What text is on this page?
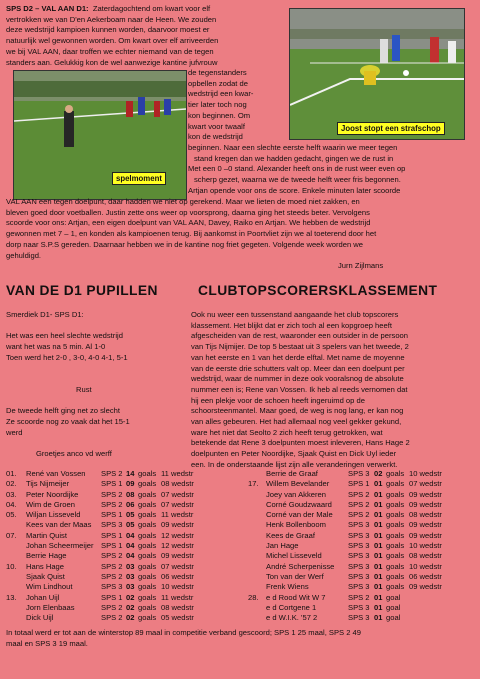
SPS D2 – VAL AAN D1: Zaterdagochtend om kwart voor elf
vertrokken we van D'en Aekerboam naar de Heen. We zouden
deze wedstrijd kampioen kunnen worden, daarvoor moest er
natuurlijk wel gewonnen worden. Om kwart over elf arriveerden
we bij VAL AAN, daar troffen we echter niemand van de tegen
standers aan. Gelukkig kon de wel aanwezige kantine jufvrouw
Joost stopt een strafschop
spelmoment
de tegenstanders
opbellen zodat de
wedstrijd een kwar-
tier later toch nog
kon beginnen. Om
kwart voor twaalf
kon de wedstrijd
beginnen. Naar een slechte eerste helft waarin we meer tegen
stand kregen dan we hadden gedacht, gingen we de rust in
Met een 0 –0 stand. Alexander heeft ons in de rust weer even op
scherp gezet, waarna we de tweede helft weer fris begonnen.
Artjan opende voor ons de score. Enkele minuten later scoorde
VAL AAN een tegen doelpunt, daar hadden we niet op gerekend. Maar we lieten de moed niet zakken, en
bleven goed door voetballen. Justin zette ons weer op voorsprong, daarna ging het steeds beter. Vervolgens
scoorde voor ons: Artjan, een eigen doelpunt van VAL AAN, Davey, Raiko en Artjan. We hebben de wedstrijd
gewonnen met 7 – 1, en konden als kampioenen terug. Bij aankomst in Poortvliet zijn we al toeterend door het
dorp naar S.P.S gereden. Daarnaar hebben we in de kantine nog friet gegeten. Volgende week worden we
gehuldigd.
Jurn Zijlmans
VAN DE D1 PUPILLEN	CLUBTOPSCORERSKLASSEMENT
Smerdiek D1- SPS D1:

Het was een heel slechte wedstrijd
want het was na 5 min. Al 1-0
Toen werd het 2-0 , 3-0, 4-0 4-1, 5-1

Rust

De tweede helft ging net zo slecht
Ze scoorde nog zo vaak dat het 15-1
werd

Groetjes anco vd werff
Ook nu weer een tussenstand aangaande het club topscorers
klassement. Het blijkt dat er zich toch al een kopgroep heeft
afgescheiden van de rest, waaronder een outsider in de persoon
van Tijs Nijmijer. De top 5 bestaat uit 3 spelers van het tweede, 2
van het eerste en 1 van het derde elftal. Met name de moyenne
van de eerste drie schutters valt op. Meer dan een doelpunt per
wedstrijd, waar de nummer in deze ook vooralsnog de absolute
nummer een is; Rene van Vossen. Ik heb al reeds vernomen dat
hij een plekje voor de schoen heeft ingeruimd op de
schoorsteenmantel. Maar goed, de weg is nog lang, er kan nog
van alles gebeuren. Het had allemaal nog veel gekker gekund,
ware het niet dat Seolto 2 zich heeft terug getrokken, wat
betekende dat Rene 3 doelpunten moest inleveren, Hans Hage 2
doelpunten en Peter Noordijke, Sjaak Quist en Dick Uyl ieder
een. In de onderstaande lijst zijn alle veranderingen verwerkt.
01. René van Vossen SPS 2 14 goals 11 wedstr
02. Tijs Nijmeijer	SPS 1 09 goals 08 wedstr
03. Peter Noordijke	SPS 2 08 goals 07 wedstr
04. Wim de Groen	SPS 2 06 goals 07 wedstr
05. Wiljan Lisseveld	SPS 1 05 goals 11 wedstr
Kees van der Maas SPS 3 05 goals 09 wedstr
07. Martin Quist	SPS 1 04 goals 12 wedstr
Johan Scheermeijer SPS 1 04 goals 12 wedstr
Berrie Hage	SPS 2 04 goals 09 wedstr
10. Hans Hage	SPS 2 03 goals 07 wedstr
Sjaak Quist	SPS 2 03 goals 06 wedstr
Wim Lindhout	SPS 3 03 goals 10 wedstr
13. Johan Uijl	SPS 1 02 goals 11 wedstr
Jorn Elenbaas	SPS 2 02 goals 08 wedstr
Dick Uijl	SPS 2 02 goals 05 wedstr
Berrie de Graaf	SPS 3 02 goals 10 wedstr
17. Willem Bevelander SPS 1 01 goals 07 wedstr
Joey van Akkeren	SPS 2 01 goals 09 wedstr
Corné Goudzwaard SPS 2 01 goals 09 wedstr
Corné van der Male SPS 2 01 goals 08 wedstr
Henk Bollenboom	SPS 3 01 goals 09 wedstr
Kees de Graaf	SPS 3 01 goals 09 wedstr
Jan Hage	SPS 3 01 goals 10 wedstr
Michel Lisseveld	SPS 3 01 goals 08 wedstr
André Scherpenisse SPS 3 01 goals 10 wedstr
Ton van der Werf	SPS 3 01 goals 06 wedstr
Frenk Wiens	SPS 3 01 goals 09 wedstr
28. e d Rood Wit W 7	SPS 2 01 goal
e d Cortgene 1	SPS 3 01 goal
e d W.I.K. '57 2	SPS 3 01 goal
In totaal werd er tot aan de winterstop 89 maal in competitie verband gescoord; SPS 1 25 maal, SPS 2 49
maal en SPS 3 19 maal.
